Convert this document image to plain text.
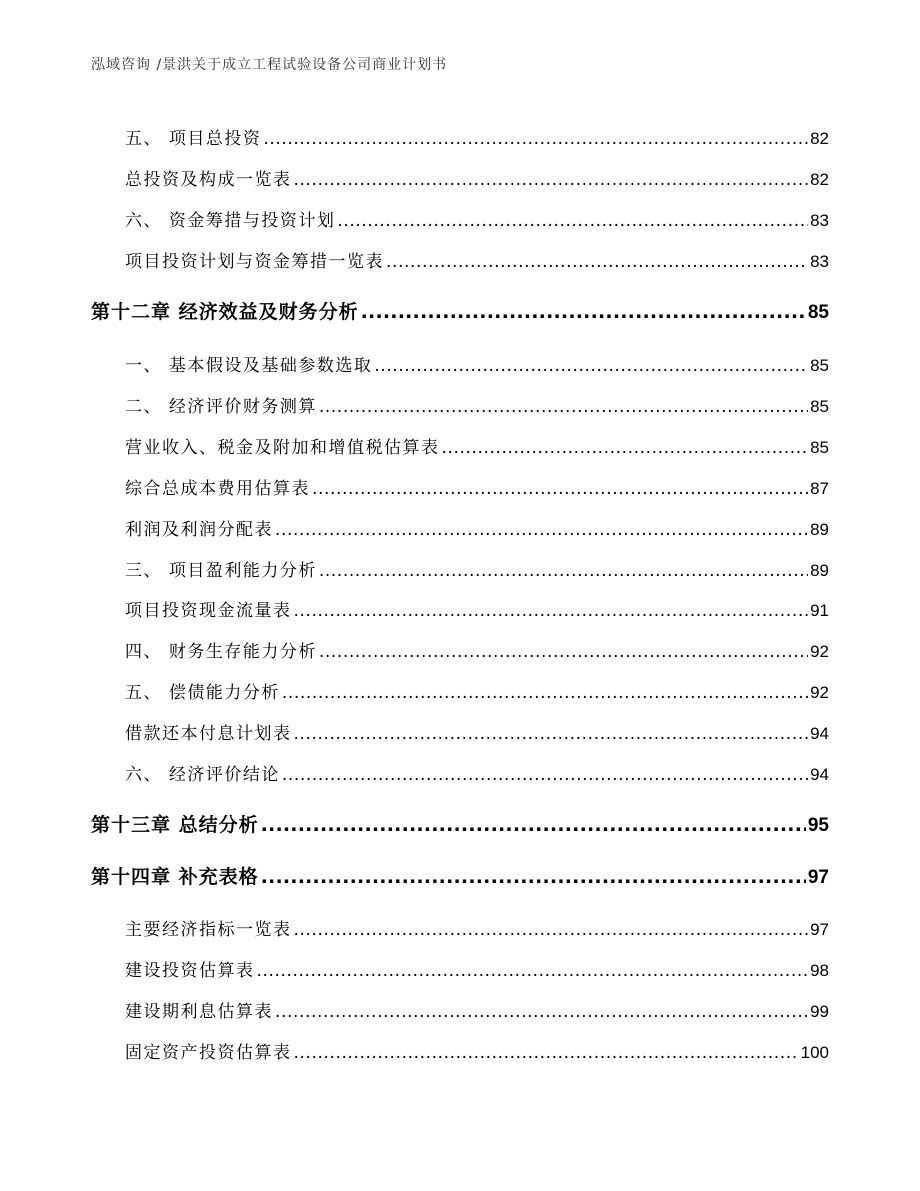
泓域咨询 /景洪关于成立工程试验设备公司商业计划书
五、 项目总投资 .....	82
总投资及构成一览表 .....	82
六、 资金筹措与投资计划 .....	83
项目投资计划与资金筹措一览表 .....	83
第十二章 经济效益及财务分析 .....	85
一、 基本假设及基础参数选取 .....	85
二、 经济评价财务测算 .....	85
营业收入、税金及附加和增值税估算表 .....	85
综合总成本费用估算表 .....	87
利润及利润分配表 .....	89
三、 项目盈利能力分析 .....	89
项目投资现金流量表 .....	91
四、 财务生存能力分析 .....	92
五、 偿债能力分析 .....	92
借款还本付息计划表 .....	94
六、 经济评价结论 .....	94
第十三章 总结分析 .....	95
第十四章 补充表格 .....	97
主要经济指标一览表 .....	97
建设投资估算表 .....	98
建设期利息估算表 .....	99
固定资产投资估算表 .....	100
